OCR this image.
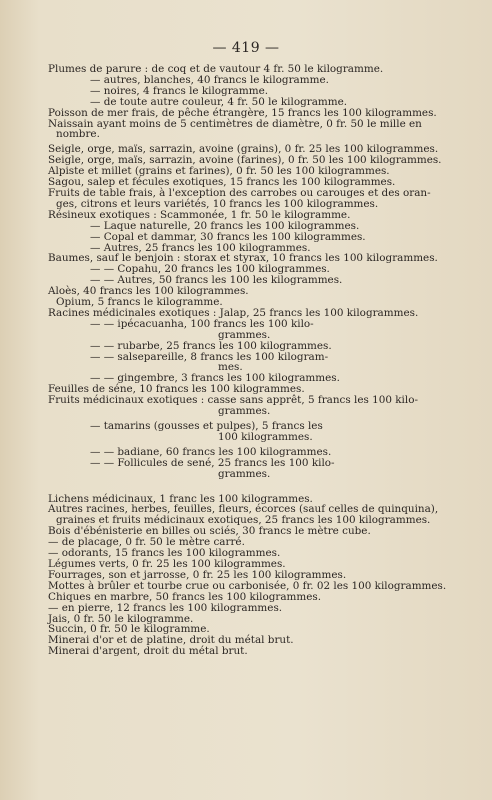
— 419 —
Plumes de parure : de coq et de vautour 4 fr. 50 le kilogramme.
— autres, blanches, 40 francs le kilogramme.
— noires, 4 francs le kilogramme.
— de toute autre couleur, 4 fr. 50 le kilogramme.
Poisson de mer frais, de pêche étrangère, 15 francs les 100 kilogrammes.
Naissain ayant moins de 5 centimètres de diamètre, 0 fr. 50 le mille en
nombre.
Seigle, orge, maïs, sarrazin, avoine (grains), 0 fr. 25 les 100 kilogrammes.
Seigle, orge, maïs, sarrazin, avoine (farines), 0 fr. 50 les 100 kilogrammes.
Alpiste et millet (grains et farines), 0 fr. 50 les 100 kilogrammes.
Sagou, salep et fécules exotiques, 15 francs les 100 kilogrammes.
Fruits de table frais, à l'exception des carrobes ou carouges et des oran-
ges, citrons et leurs variétés, 10 francs les 100 kilogrammes.
Résineux exotiques : Scammonée, 1 fr. 50 le kilogramme.
— Laque naturelle, 20 francs les 100 kilogrammes.
— Copal et dammar, 30 francs les 100 kilogrammes.
— Autres, 25 francs les 100 kilogrammes.
Baumes, sauf le benjoin : storax et styrax, 10 francs les 100 kilogrammes.
— — Copahu, 20 francs les 100 kilogrammes.
— — Autres, 50 francs les 100 les kilogrammes.
Aloès, 40 francs les 100 kilogrammes.
Opium, 5 francs le kilogramme.
Racines médicinales exotiques : Jalap, 25 francs les 100 kilogrammes.
— — ipécacuanha, 100 francs les 100 kilo-
grammes.
— — rubarbe, 25 francs les 100 kilogrammes.
— — salsepareille, 8 francs les 100 kilogram-
mes.
— — gingembre, 3 francs les 100 kilogrammes.
Feuilles de séne, 10 francs les 100 kilogrammes.
Fruits médicinaux exotiques : casse sans apprêt, 5 francs les 100 kilo-
grammes.
— tamarins (gousses et pulpes), 5 francs les
100 kilogrammes.
— — badiane, 60 francs les 100 kilogrammes.
— — Follicules de sené, 25 francs les 100 kilo-
grammes.
Lichens médicinaux, 1 franc les 100 kilogrammes.
Autres racines, herbes, feuilles, fleurs, écorces (sauf celles de quinquina),
graines et fruits médicinaux exotiques, 25 francs les 100 kilogrammes.
Bois d'ébénisterie en billes ou sciés, 30 francs le mètre cube.
— de placage, 0 fr. 50 le mètre carré.
— odorants, 15 francs les 100 kilogrammes.
Légumes verts, 0 fr. 25 les 100 kilogrammes.
Fourrages, son et jarrosse, 0 fr. 25 les 100 kilogrammes.
Mottes à brûler et tourbe crue ou carbonisée, 0 fr. 02 les 100 kilogrammes.
Chiques en marbre, 50 francs les 100 kilogrammes.
— en pierre, 12 francs les 100 kilogrammes.
Jais, 0 fr. 50 le kilogramme.
Succin, 0 fr. 50 le kilogramme.
Minerai d'or et de platine, droit du métal brut.
Minerai d'argent, droit du métal brut.
